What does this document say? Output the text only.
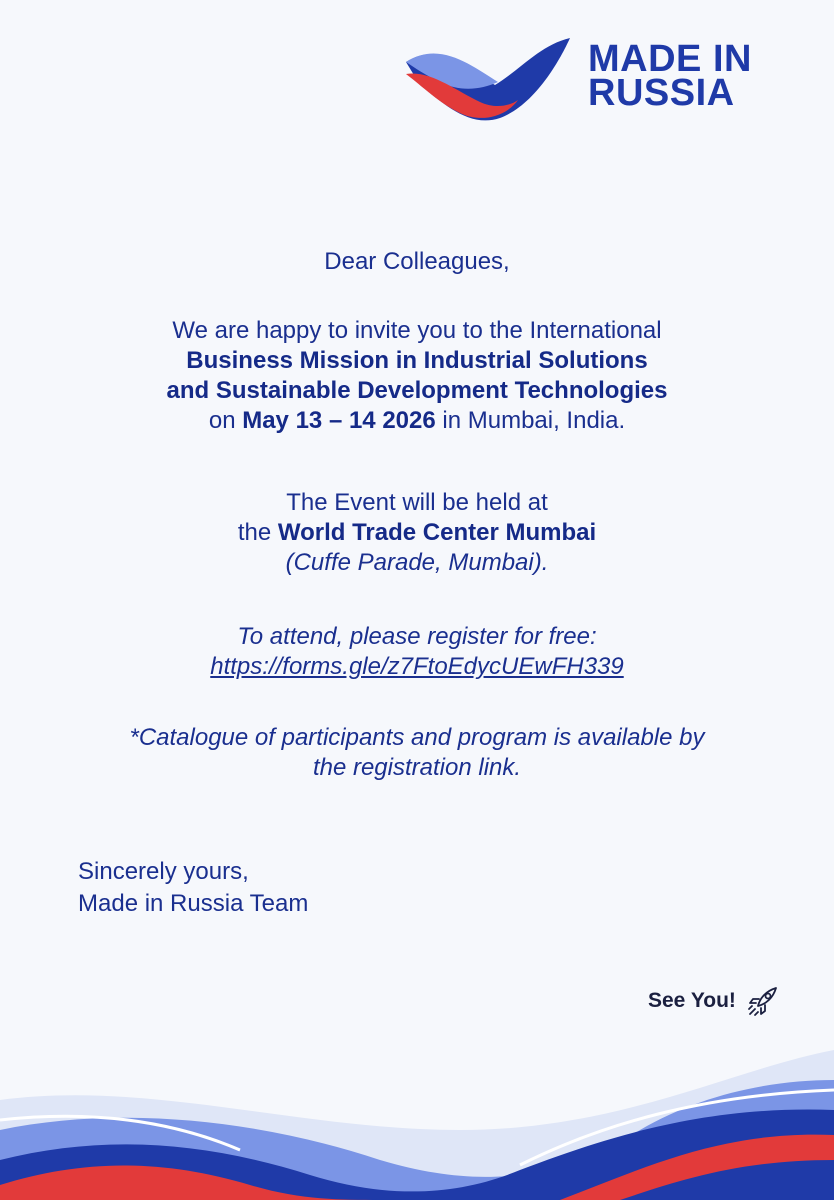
MADE IN
RUSSIA
Dear Colleagues,
We are happy to invite you to the International
Business Mission in Industrial Solutions
and Sustainable Development Technologies
on May 13 – 14 2026 in Mumbai, India.
The Event will be held at
the World Trade Center Mumbai
(Cuffe Parade, Mumbai).
To attend, please register for free:
https://forms.gle/z7FtoEdycUEwFH339
*Catalogue of participants and program is available by
the registration link.
Sincerely yours,
Made in Russia Team
See You!
